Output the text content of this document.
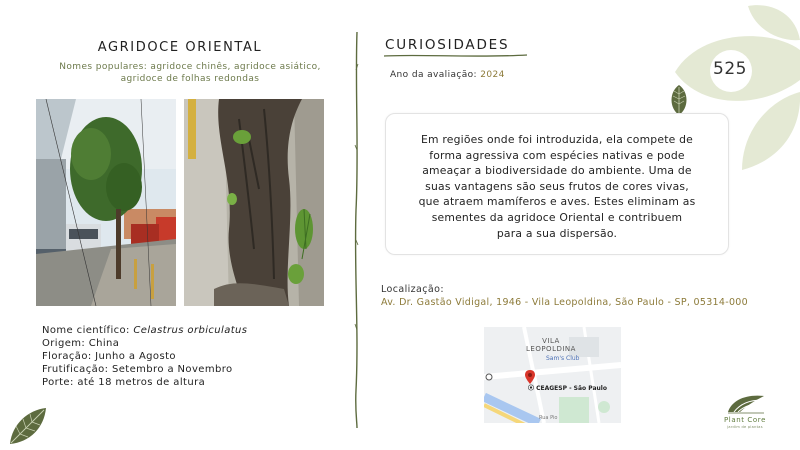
525
AGRIDOCE ORIENTAL
Nomes populares: agridoce chinês, agridoce asiático,
agridoce de folhas redondas
Nome científico: Celastrus orbiculatus
Origem: China
Floração: Junho a Agosto
Frutificação: Setembro a Novembro
Porte: até 18 metros de altura
CURIOSIDADES
Ano da avaliação: 2024

Em regiões onde foi introduzida, ela compete de
forma agressiva com espécies nativas e pode
ameaçar a biodiversidade do ambiente. Uma de
suas vantagens são seus frutos de cores vivas,
que atraem mamíferos e aves. Estes eliminam as
sementes da agridoce Oriental e contribuem
para a sua dispersão.

Localização:
Av. Dr. Gastão Vidigal, 1946 - Vila Leopoldina, São Paulo - SP, 05314-000
VILA
LEOPOLDINA
Sam's Club
⦿ CEAGESP - São Paulo
Rua Pio	Plant Core
jardim de plantas
